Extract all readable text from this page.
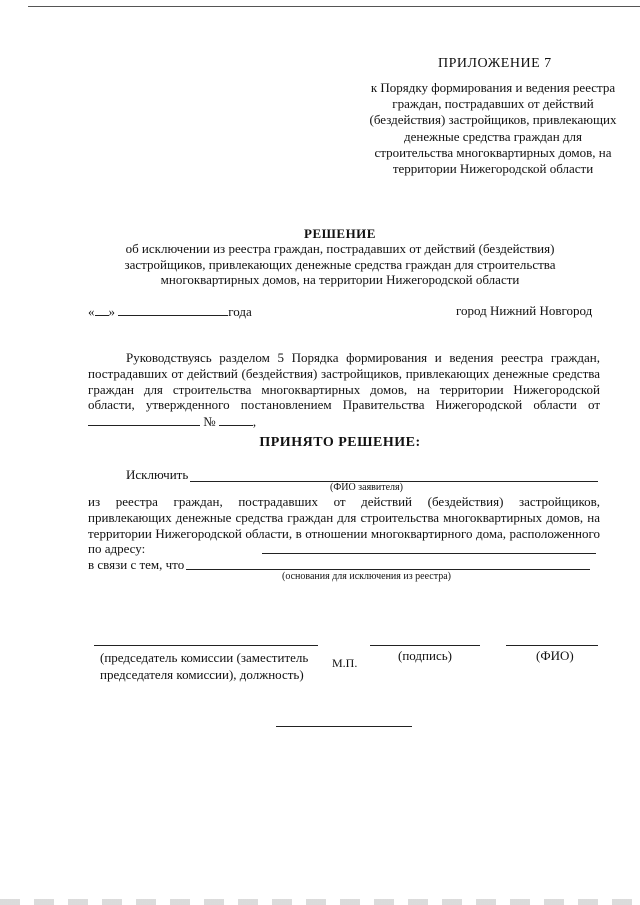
ПРИЛОЖЕНИЕ 7
к Порядку формирования и ведения реестра граждан, пострадавших от действий (бездействия) застройщиков, привлекающих денежные средства граждан для строительства многоквартирных домов, на территории Нижегородской области
РЕШЕНИЕ
об исключении из реестра граждан, пострадавших от действий (бездействия) застройщиков, привлекающих денежные средства граждан для строительства многоквартирных домов, на территории Нижегородской области
« »	года	город Нижний Новгород
Руководствуясь разделом 5 Порядка формирования и ведения реестра граждан, пострадавших от действий (бездействия) застройщиков, привлекающих денежные средства граждан для строительства многоквартирных домов, на территории Нижегородской области, утвержденного постановлением Правительства Нижегородской области от  №	,
ПРИНЯТО РЕШЕНИЕ:
Исключить
(ФИО заявителя)
из реестра граждан, пострадавших от действий (бездействия) застройщиков, привлекающих денежные средства граждан для строительства многоквартирных домов, на территории Нижегородской области, в отношении многоквартирного дома, расположенного по адресу:
в связи с тем, что
(основания для исключения из реестра)
(председатель комиссии (заместитель председателя комиссии), должность)
М.П.	(подпись)	(ФИО)
